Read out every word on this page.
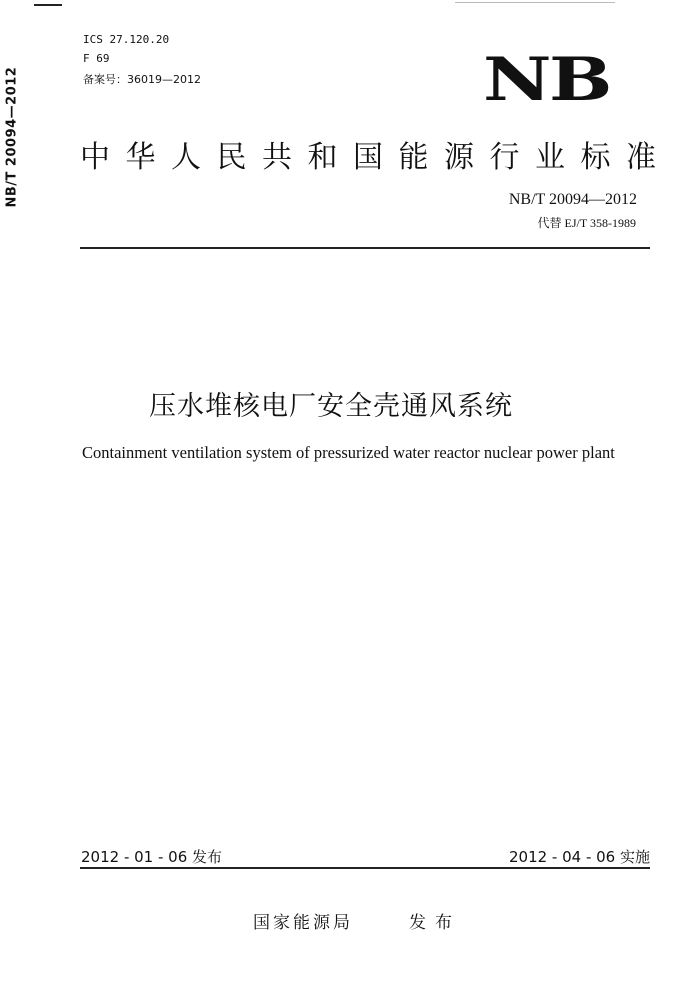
NB/T 20094—2012
ICS 27.120.20
F 69
备案号：36019—2012	NB
中华人民共和国能源行业标准
NB/T 20094—2012
代替 EJ/T 358-1989
压水堆核电厂安全壳通风系统
Containment ventilation system of pressurized water reactor nuclear power plant
2012 - 01 - 06 发布	2012 - 04 - 06 实施
国家能源局	发布
